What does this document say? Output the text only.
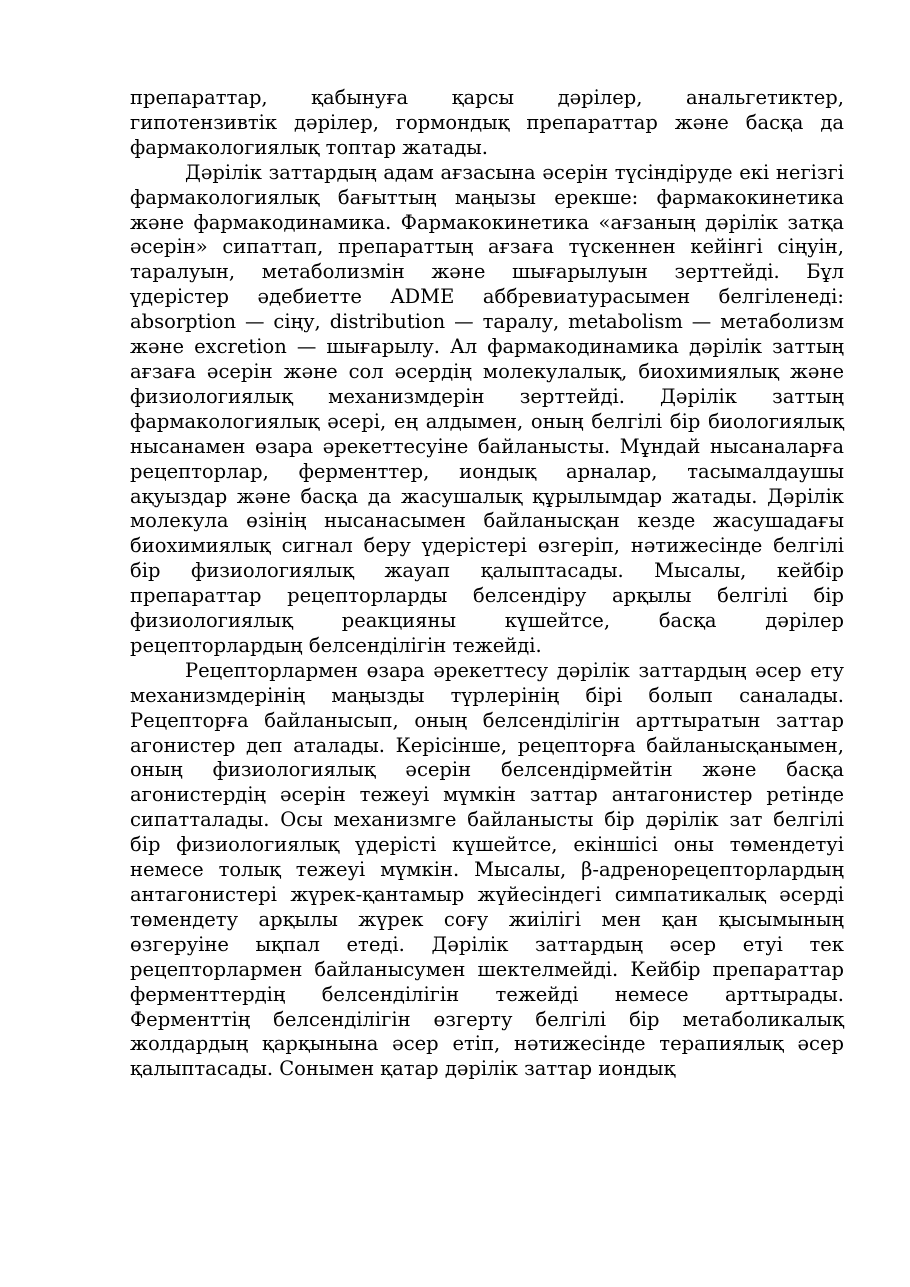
препараттар, қабынуға қарсы дәрілер, анальгетиктер, гипотензивтік дәрілер, гормондық препараттар және басқа да фармакологиялық топтар жатады.

Дәрілік заттардың адам ағзасына әсерін түсіндіруде екі негізгі фармакологиялық бағыттың маңызы ерекше: фармакокинетика және фармакодинамика. Фармакокинетика «ағзаның дәрілік затқа әсерін» сипаттап, препараттың ағзаға түскеннен кейінгі сіңуін, таралуын, метаболизмін және шығарылуын зерттейді. Бұл үдерістер әдебиетте ADME аббревиатурасымен белгіленеді: absorption — сіңу, distribution — таралу, metabolism — метаболизм және excretion — шығарылу. Ал фармакодинамика дәрілік заттың ағзаға әсерін және сол әсердің молекулалық, биохимиялық және физиологиялық механизмдерін зерттейді. Дәрілік заттың фармакологиялық әсері, ең алдымен, оның белгілі бір биологиялық нысанамен өзара әрекеттесуіне байланысты. Мұндай нысаналарға рецепторлар, ферменттер, иондық арналар, тасымалдаушы ақуыздар және басқа да жасушалық құрылымдар жатады. Дәрілік молекула өзінің нысанасымен байланысқан кезде жасушадағы биохимиялық сигнал беру үдерістері өзгеріп, нәтижесінде белгілі бір физиологиялық жауап қалыптасады. Мысалы, кейбір препараттар рецепторларды белсендіру арқылы белгілі бір физиологиялық реакцияны күшейтсе, басқа дәрілер рецепторлардың белсенділігін тежейді.

Рецепторлармен өзара әрекеттесу дәрілік заттардың әсер ету механизмдерінің маңызды түрлерінің бірі болып саналады. Рецепторға байланысып, оның белсенділігін арттыратын заттар агонистер деп аталады. Керісінше, рецепторға байланысқанымен, оның физиологиялық әсерін белсендірмейтін және басқа агонистердің әсерін тежеуі мүмкін заттар антагонистер ретінде сипатталады. Осы механизмге байланысты бір дәрілік зат белгілі бір физиологиялық үдерісті күшейтсе, екіншісі оны төмендетуі немесе толық тежеуі мүмкін. Мысалы, β-адренорецепторлардың антагонистері жүрек-қантамыр жүйесіндегі симпатикалық әсерді төмендету арқылы жүрек соғу жиілігі мен қан қысымының өзгеруіне ықпал етеді. Дәрілік заттардың әсер етуі тек рецепторлармен байланысумен шектелмейді. Кейбір препараттар ферменттердің белсенділігін тежейді немесе арттырады. Ферменттің белсенділігін өзгерту белгілі бір метаболикалық жолдардың қарқынына әсер етіп, нәтижесінде терапиялық әсер қалыптасады. Сонымен қатар дәрілік заттар иондық
